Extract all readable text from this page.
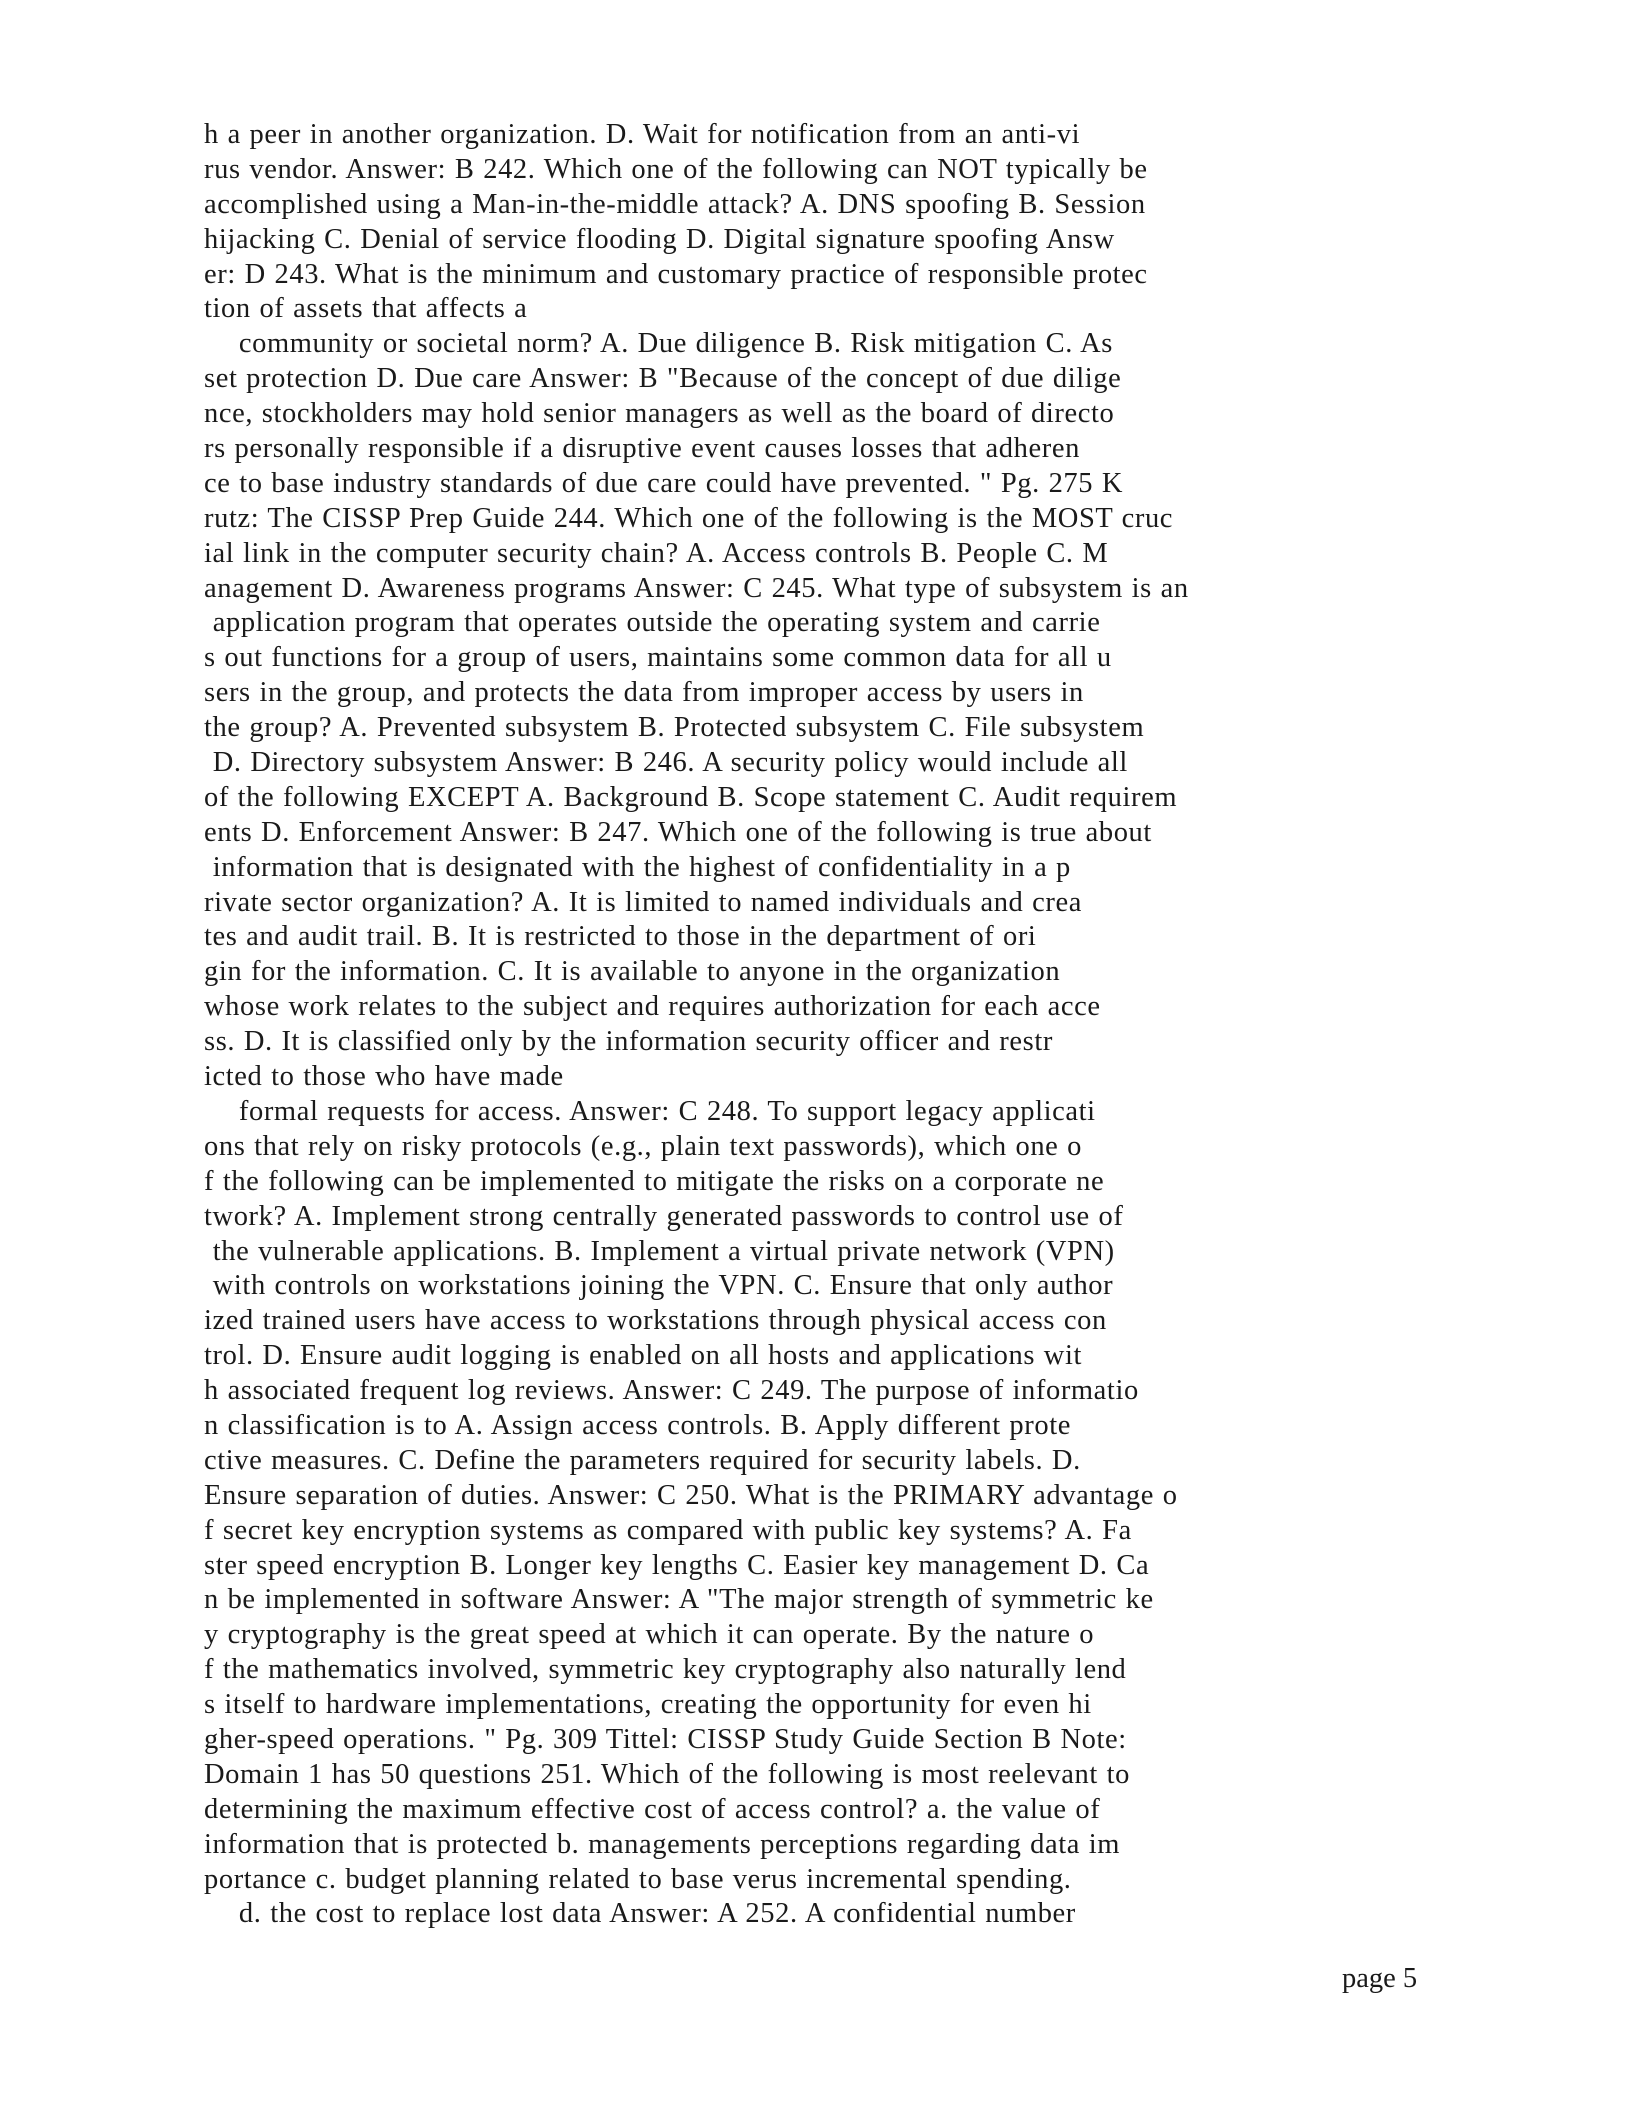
h a peer in another organization. D. Wait for notification from an anti-vi
rus vendor. Answer: B 242. Which one of the following can NOT typically be
accomplished using a Man-in-the-middle attack? A. DNS spoofing B. Session
hijacking C. Denial of service flooding D. Digital signature spoofing Answ
er: D 243. What is the minimum and customary practice of responsible protec
tion of assets that affects a
community or societal norm? A. Due diligence B. Risk mitigation C. As
set protection D. Due care Answer: B "Because of the concept of due dilige
nce, stockholders may hold senior managers as well as the board of directo
rs personally responsible if a disruptive event causes losses that adheren
ce to base industry standards of due care could have prevented. " Pg. 275 K
rutz: The CISSP Prep Guide 244. Which one of the following is the MOST cruc
ial link in the computer security chain? A. Access controls B. People C. M
anagement D. Awareness programs Answer: C 245. What type of subsystem is an
application program that operates outside the operating system and carrie
s out functions for a group of users, maintains some common data for all u
sers in the group, and protects the data from improper access by users in
the group? A. Prevented subsystem B. Protected subsystem C. File subsystem
D. Directory subsystem Answer: B 246. A security policy would include all
of the following EXCEPT A. Background B. Scope statement C. Audit requirem
ents D. Enforcement Answer: B 247. Which one of the following is true about
information that is designated with the highest of confidentiality in a p
rivate sector organization? A. It is limited to named individuals and crea
tes and audit trail. B. It is restricted to those in the department of ori
gin for the information. C. It is available to anyone in the organization
whose work relates to the subject and requires authorization for each acce
ss. D. It is classified only by the information security officer and restr
icted to those who have made
formal requests for access. Answer: C 248. To support legacy applicati
ons that rely on risky protocols (e.g., plain text passwords), which one o
f the following can be implemented to mitigate the risks on a corporate ne
twork? A. Implement strong centrally generated passwords to control use of
the vulnerable applications. B. Implement a virtual private network (VPN)
with controls on workstations joining the VPN. C. Ensure that only author
ized trained users have access to workstations through physical access con
trol. D. Ensure audit logging is enabled on all hosts and applications wit
h associated frequent log reviews. Answer: C 249. The purpose of informatio
n classification is to A. Assign access controls. B. Apply different prote
ctive measures. C. Define the parameters required for security labels. D.
Ensure separation of duties. Answer: C 250. What is the PRIMARY advantage o
f secret key encryption systems as compared with public key systems? A. Fa
ster speed encryption B. Longer key lengths C. Easier key management D. Ca
n be implemented in software Answer: A "The major strength of symmetric ke
y cryptography is the great speed at which it can operate. By the nature o
f the mathematics involved, symmetric key cryptography also naturally lend
s itself to hardware implementations, creating the opportunity for even hi
gher-speed operations. " Pg. 309 Tittel: CISSP Study Guide Section B Note:
Domain 1 has 50 questions 251. Which of the following is most reelevant to
determining the maximum effective cost of access control? a. the value of
information that is protected b. managements perceptions regarding data im
portance c. budget planning related to base verus incremental spending.
d. the cost to replace lost data Answer: A 252. A confidential number
page 5
